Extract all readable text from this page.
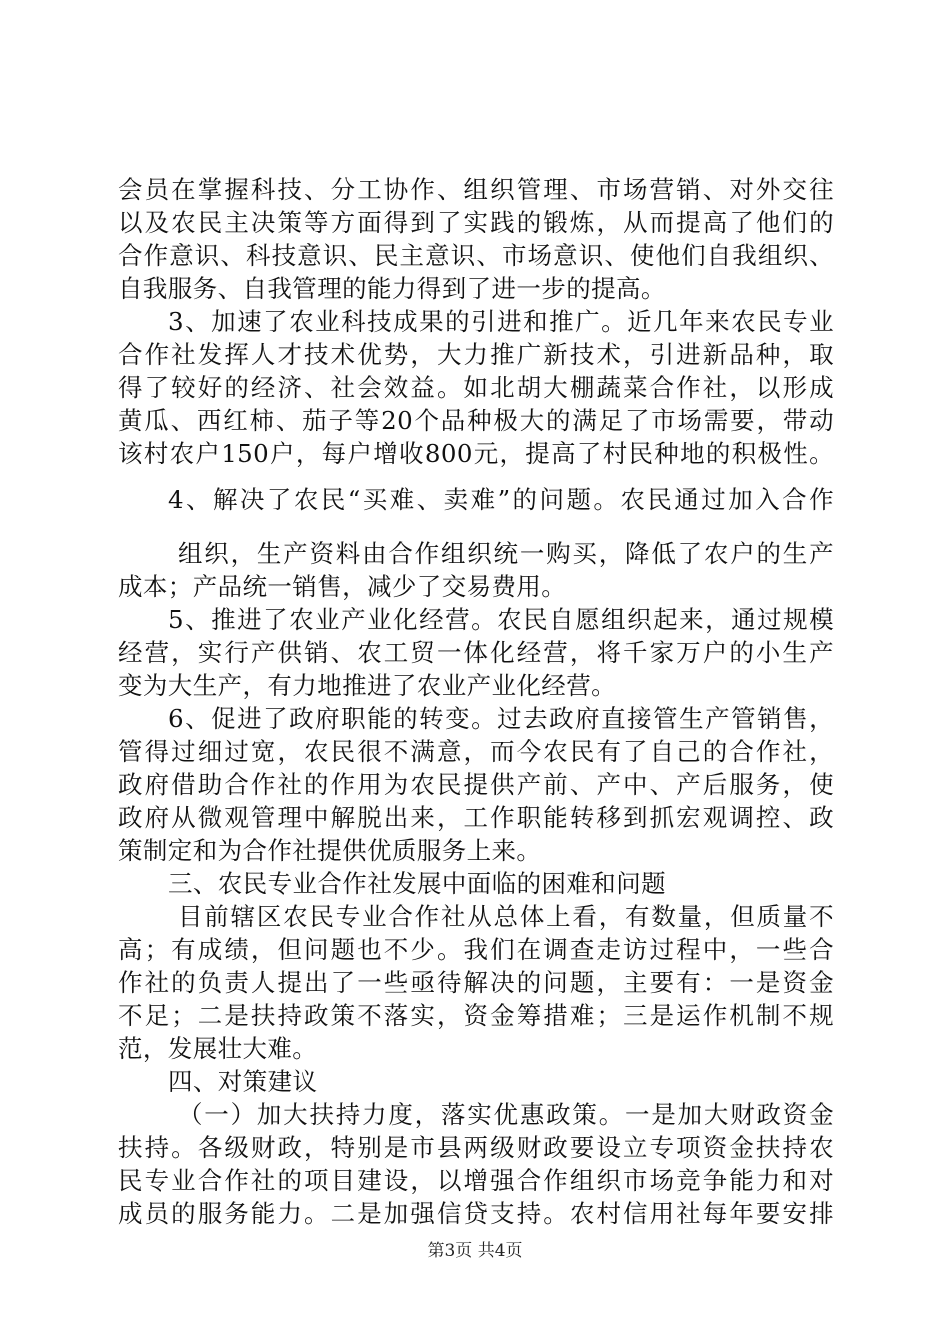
会员在掌握科技、分工协作、组织管理、市场营销、对外交往
以及农民主决策等方面得到了实践的锻炼，从而提高了他们的
合作意识、科技意识、民主意识、市场意识、使他们自我组织、
自我服务、自我管理的能力得到了进一步的提高。
3、加速了农业科技成果的引进和推广。近几年来农民专业
合作社发挥人才技术优势，大力推广新技术，引进新品种，取
得了较好的经济、社会效益。如北胡大棚蔬菜合作社，以形成
黄瓜、西红柿、茄子等20个品种极大的满足了市场需要，带动
该村农户150户，每户增收800元，提高了村民种地的积极性。
4、解决了农民“买难、卖难”的问题。农民通过加入合作
组织，生产资料由合作组织统一购买，降低了农户的生产
成本；产品统一销售，减少了交易费用。
5、推进了农业产业化经营。农民自愿组织起来，通过规模
经营，实行产供销、农工贸一体化经营，将千家万户的小生产
变为大生产，有力地推进了农业产业化经营。
6、促进了政府职能的转变。过去政府直接管生产管销售，
管得过细过宽，农民很不满意，而今农民有了自己的合作社，
政府借助合作社的作用为农民提供产前、产中、产后服务，使
政府从微观管理中解脱出来，工作职能转移到抓宏观调控、政
策制定和为合作社提供优质服务上来。
三、农民专业合作社发展中面临的困难和问题
目前辖区农民专业合作社从总体上看，有数量，但质量不
高；有成绩，但问题也不少。我们在调查走访过程中，一些合
作社的负责人提出了一些亟待解决的问题，主要有：一是资金
不足；二是扶持政策不落实，资金筹措难；三是运作机制不规
范，发展壮大难。
四、对策建议
（一）加大扶持力度，落实优惠政策。一是加大财政资金
扶持。各级财政，特别是市县两级财政要设立专项资金扶持农
民专业合作社的项目建设，以增强合作组织市场竞争能力和对
成员的服务能力。二是加强信贷支持。农村信用社每年要安排
第3页 共4页
